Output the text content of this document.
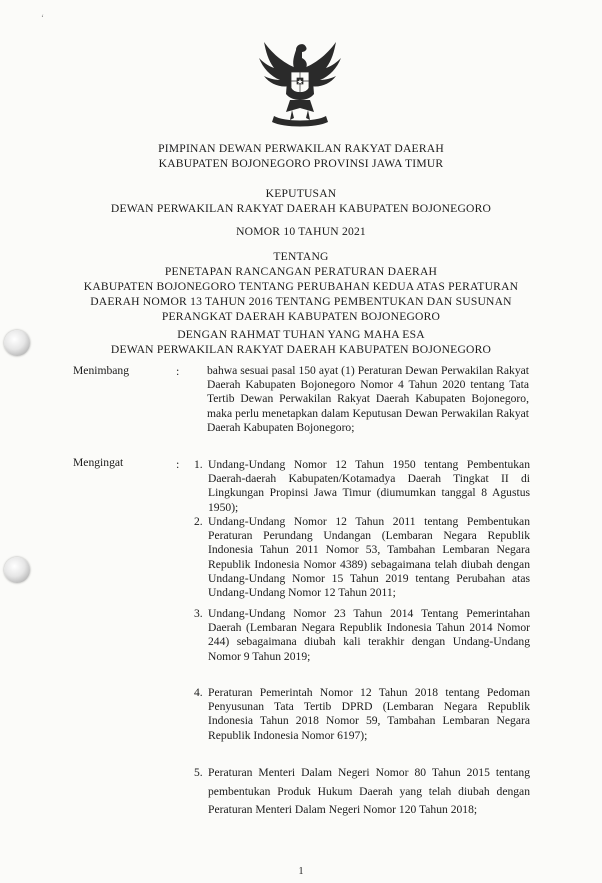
‘
PIMPINAN DEWAN PERWAKILAN RAKYAT DAERAH
KABUPATEN BOJONEGORO PROVINSI JAWA TIMUR
KEPUTUSAN
DEWAN PERWAKILAN RAKYAT DAERAH KABUPATEN BOJONEGORO
NOMOR 10 TAHUN 2021
TENTANG
PENETAPAN RANCANGAN PERATURAN DAERAH
KABUPATEN BOJONEGORO TENTANG PERUBAHAN KEDUA ATAS PERATURAN
DAERAH NOMOR 13 TAHUN 2016 TENTANG PEMBENTUKAN DAN SUSUNAN
PERANGKAT DAERAH KABUPATEN BOJONEGORO
DENGAN RAHMAT TUHAN YANG MAHA ESA
DEWAN PERWAKILAN RAKYAT DAERAH KABUPATEN BOJONEGORO
Menimbang	: bahwa sesuai pasal 150 ayat (1) Peraturan Dewan Perwakilan Rakyat Daerah Kabupaten Bojonegoro Nomor 4 Tahun 2020 tentang Tata Tertib Dewan Perwakilan Rakyat Daerah Kabupaten Bojonegoro, maka perlu menetapkan dalam Keputusan Dewan Perwakilan Rakyat Daerah Kabupaten Bojonegoro;
Mengingat	: 1. Undang-Undang Nomor 12 Tahun 1950 tentang Pembentukan Daerah-daerah Kabupaten/Kotamadya Daerah Tingkat II di Lingkungan Propinsi Jawa Timur (diumumkan tanggal 8 Agustus 1950);
2. Undang-Undang Nomor 12 Tahun 2011 tentang Pembentukan Peraturan Perundang Undangan (Lembaran Negara Republik Indonesia Tahun 2011 Nomor 53, Tambahan Lembaran Negara Republik Indonesia Nomor 4389) sebagaimana telah diubah dengan Undang-Undang Nomor 15 Tahun 2019 tentang Perubahan atas Undang-Undang Nomor 12 Tahun 2011;
3. Undang-Undang Nomor 23 Tahun 2014 Tentang Pemerintahan Daerah (Lembaran Negara Republik Indonesia Tahun 2014 Nomor 244) sebagaimana diubah kali terakhir dengan Undang-Undang Nomor 9 Tahun 2019;
4. Peraturan Pemerintah Nomor 12 Tahun 2018 tentang Pedoman Penyusunan Tata Tertib DPRD (Lembaran Negara Republik Indonesia Tahun 2018 Nomor 59, Tambahan Lembaran Negara Republik Indonesia Nomor 6197);
5. Peraturan Menteri Dalam Negeri Nomor 80 Tahun 2015 tentang pembentukan Produk Hukum Daerah yang telah diubah dengan Peraturan Menteri Dalam Negeri Nomor 120 Tahun 2018;
1
